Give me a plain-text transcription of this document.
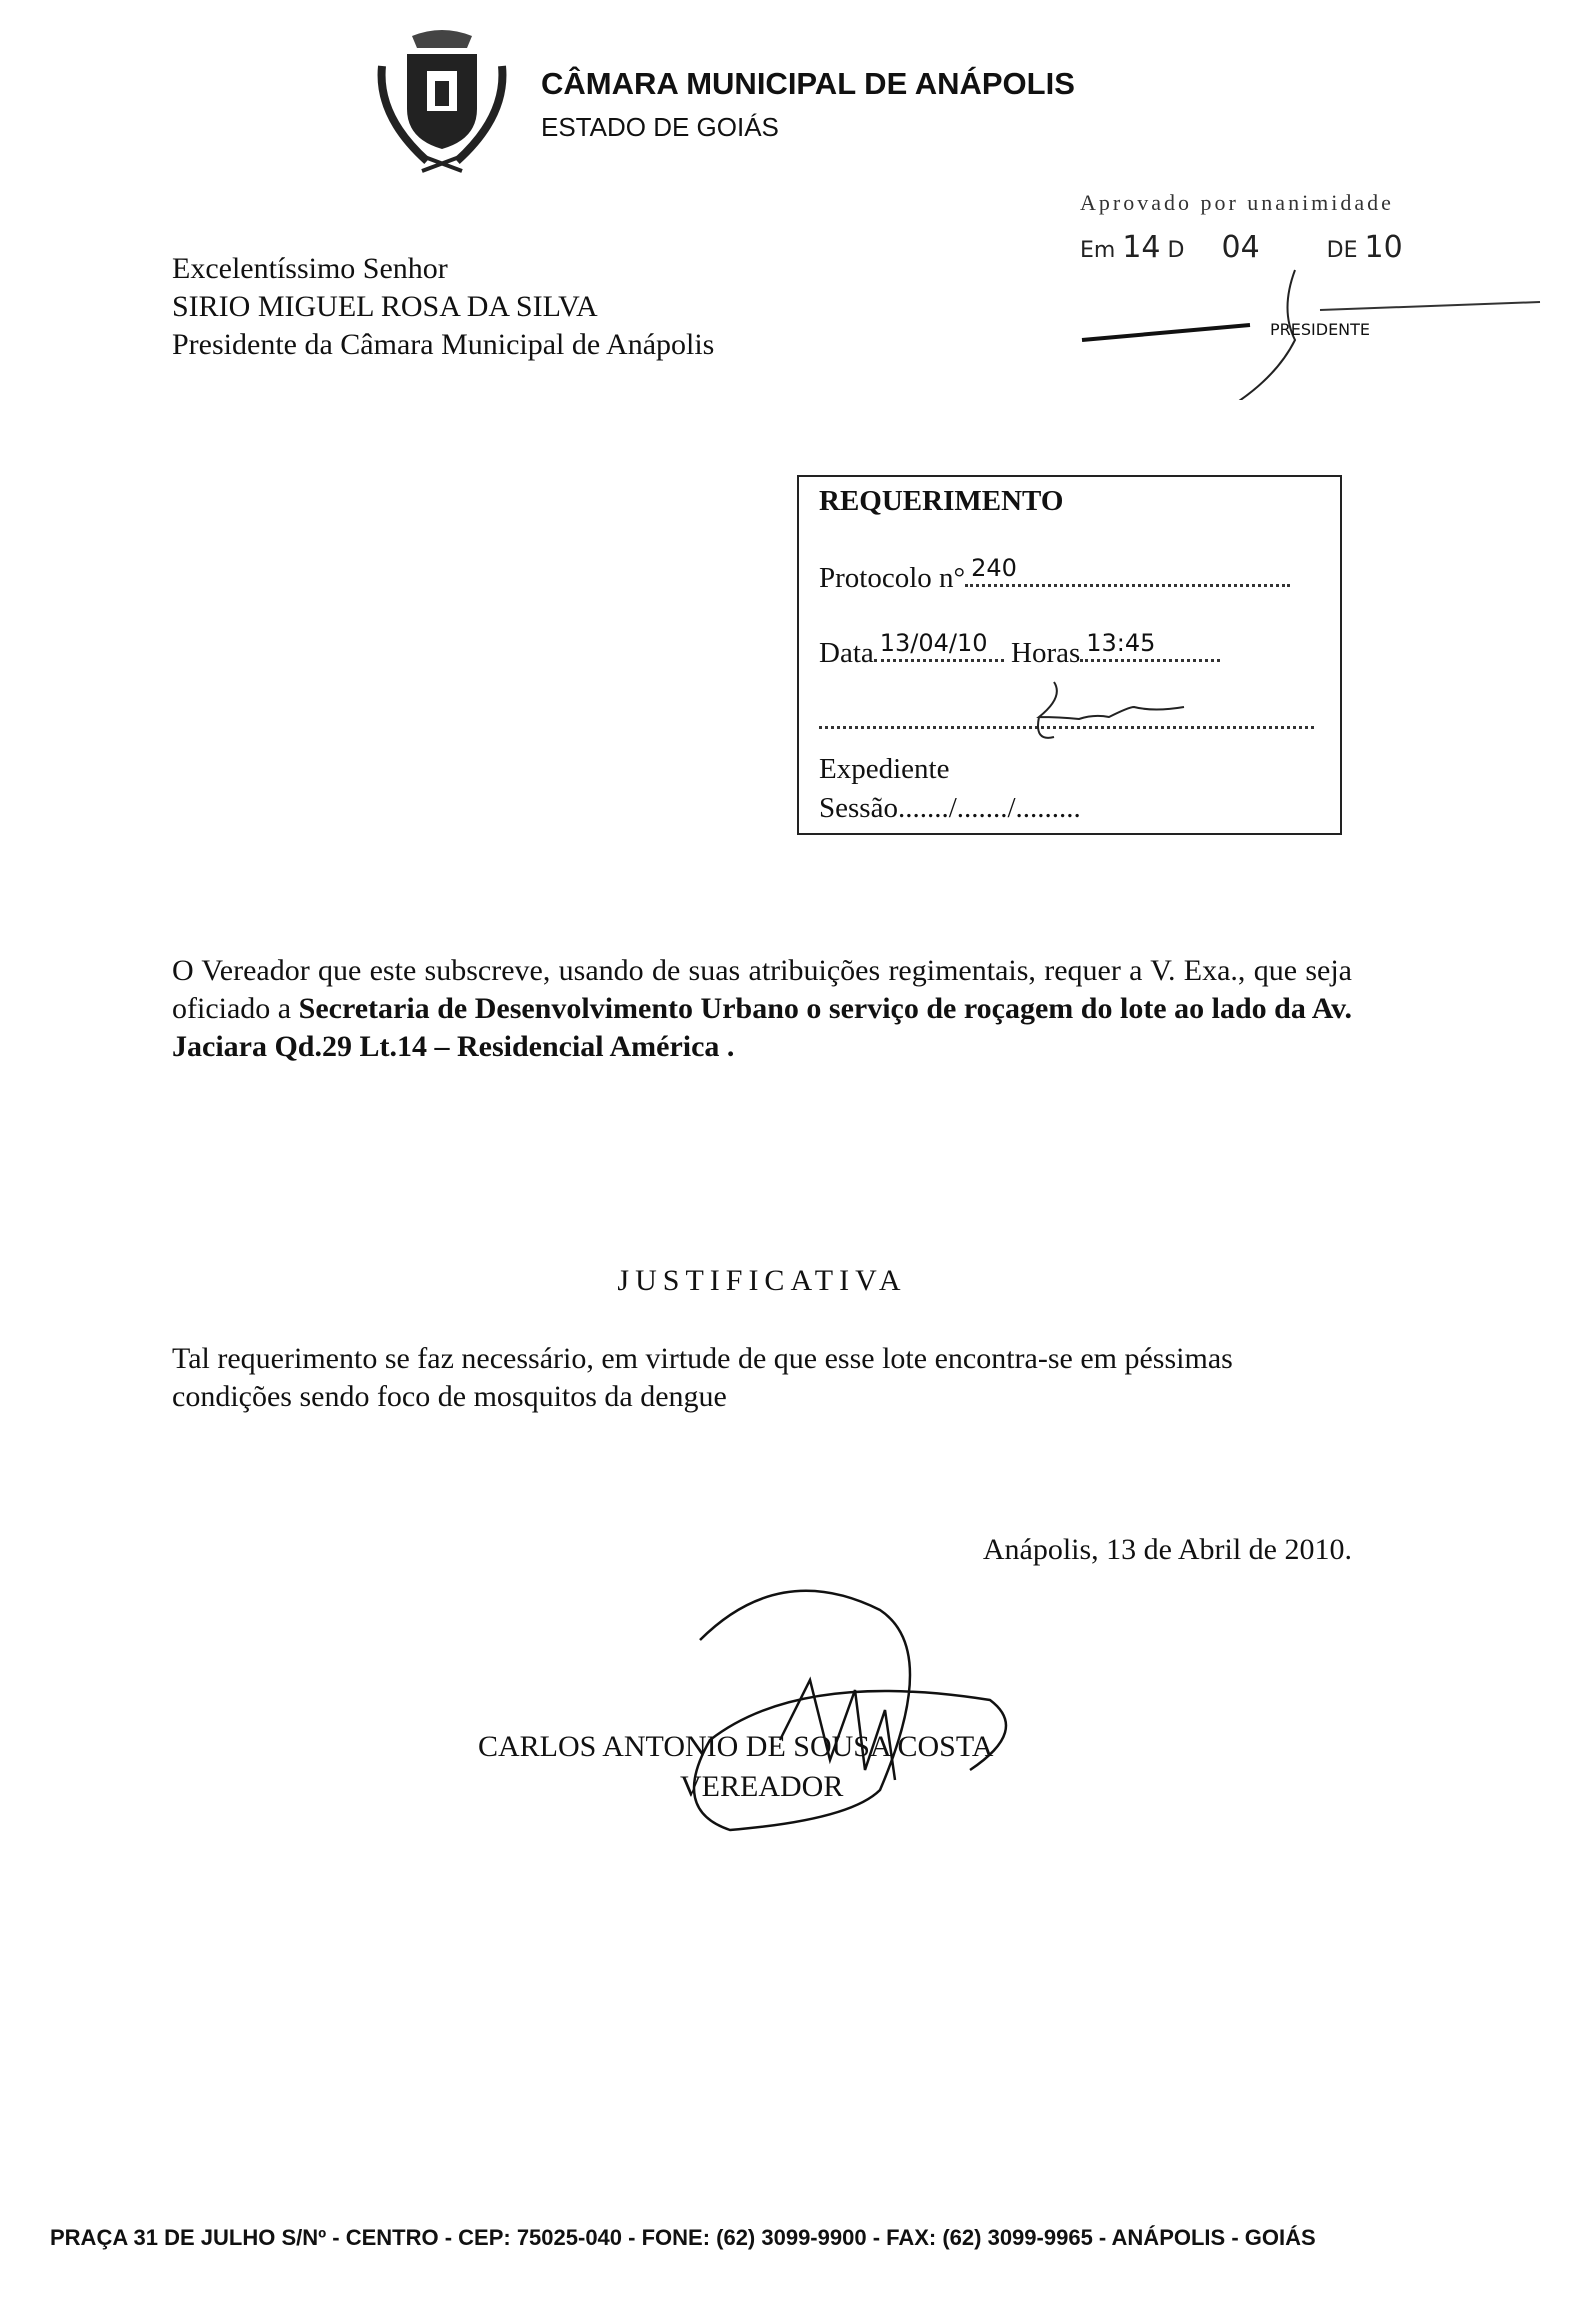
CÂMARA MUNICIPAL DE ANÁPOLIS
ESTADO DE GOIÁS
Aprovado por unanimidade
Em 14 D 04	DE 10
PRESIDENTE
Excelentíssimo Senhor
SIRIO MIGUEL ROSA DA SILVA
Presidente da Câmara Municipal de Anápolis
REQUERIMENTO
Protocolo n° 240
Data 13/04/10 Horas 13:45
Expediente
Sessão......./......./.........
O Vereador que este subscreve, usando de suas atribuições regimentais, requer a V. Exa., que seja oficiado a Secretaria de Desenvolvimento Urbano o serviço de roçagem do lote ao lado da Av. Jaciara Qd.29 Lt.14 – Residencial América .
JUSTIFICATIVA
Tal requerimento se faz necessário, em virtude de que esse lote encontra-se em péssimas condições sendo foco de mosquitos da dengue
Anápolis, 13 de Abril de 2010.
CARLOS ANTONIO DE SOUSA COSTA
VEREADOR
PRAÇA 31 DE JULHO S/Nº - CENTRO - CEP: 75025-040 - FONE: (62) 3099-9900 - FAX: (62) 3099-9965 - ANÁPOLIS - GOIÁS
